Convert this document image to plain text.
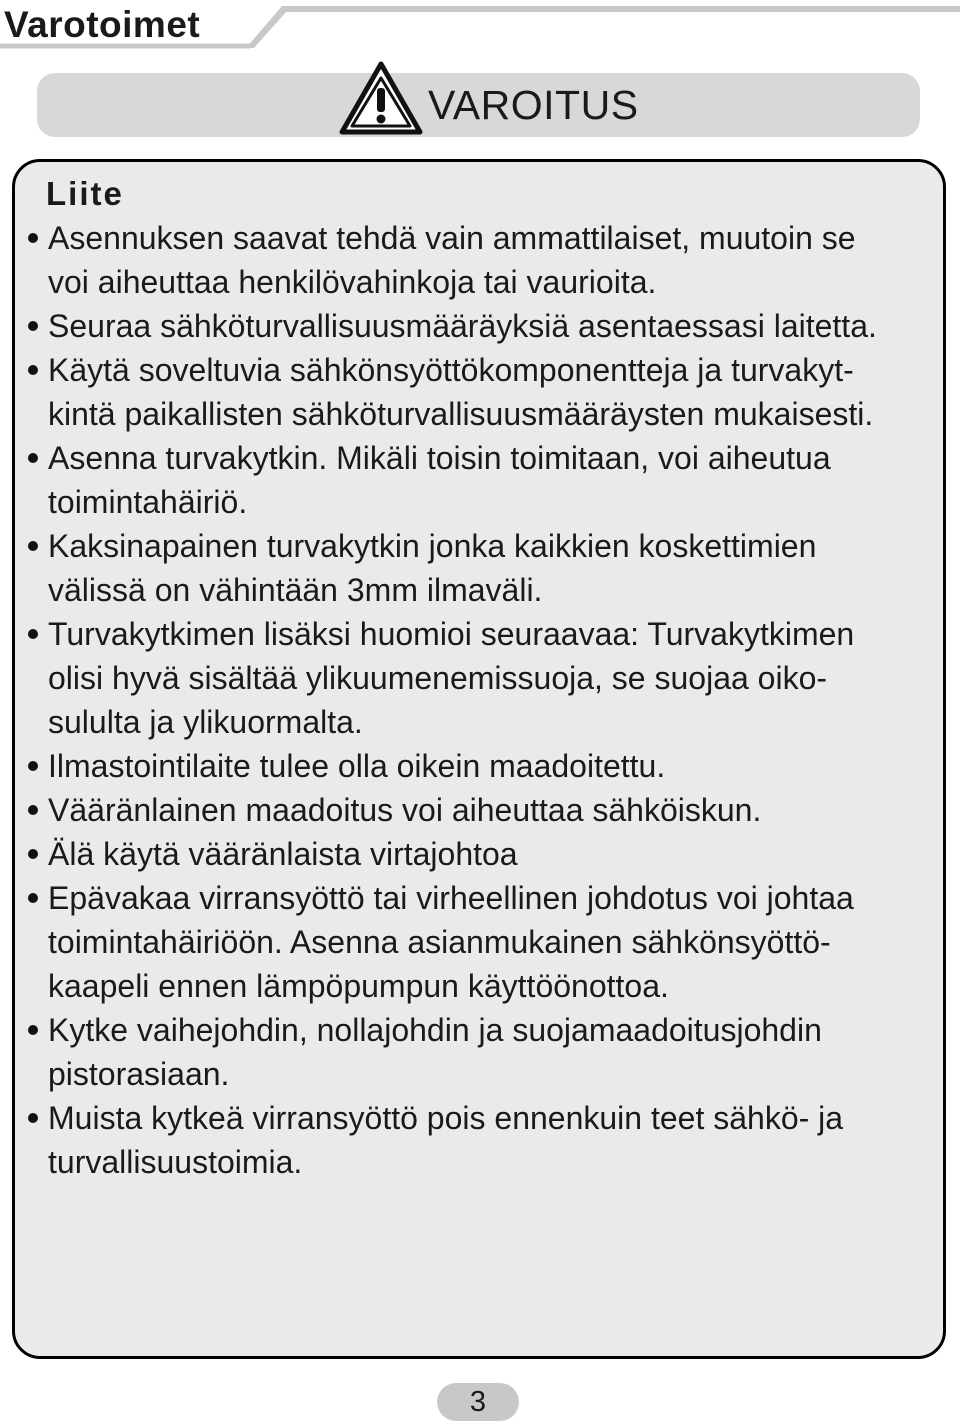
Varotoimet
VAROITUS
Liite
Asennuksen saavat tehdä vain ammattilaiset, muutoin se
voi aiheuttaa henkilövahinkoja tai vaurioita.
Seuraa sähköturvallisuusmääräyksiä asentaessasi laitetta.
Käytä soveltuvia sähkönsyöttökomponentteja ja turvakyt-
kintä paikallisten sähköturvallisuusmääräysten mukaisesti.
Asenna turvakytkin. Mikäli toisin toimitaan, voi aiheutua
toimintahäiriö.
Kaksinapainen turvakytkin jonka kaikkien koskettimien
välissä on vähintään 3mm ilmaväli.
Turvakytkimen lisäksi huomioi seuraavaa: Turvakytkimen
olisi hyvä sisältää ylikuumenemissuoja, se suojaa oiko-
sululta ja ylikuormalta.
Ilmastointilaite tulee olla oikein maadoitettu.
Vääränlainen maadoitus voi aiheuttaa sähköiskun.
Älä käytä vääränlaista virtajohtoa
Epävakaa virransyöttö tai virheellinen johdotus voi johtaa
toimintahäiriöön. Asenna asianmukainen sähkönsyöttö-
kaapeli ennen lämpöpumpun käyttöönottoa.
Kytke vaihejohdin, nollajohdin ja suojamaadoitusjohdin
pistorasiaan.
Muista kytkeä virransyöttö pois ennenkuin teet sähkö- ja
turvallisuustoimia.
3
